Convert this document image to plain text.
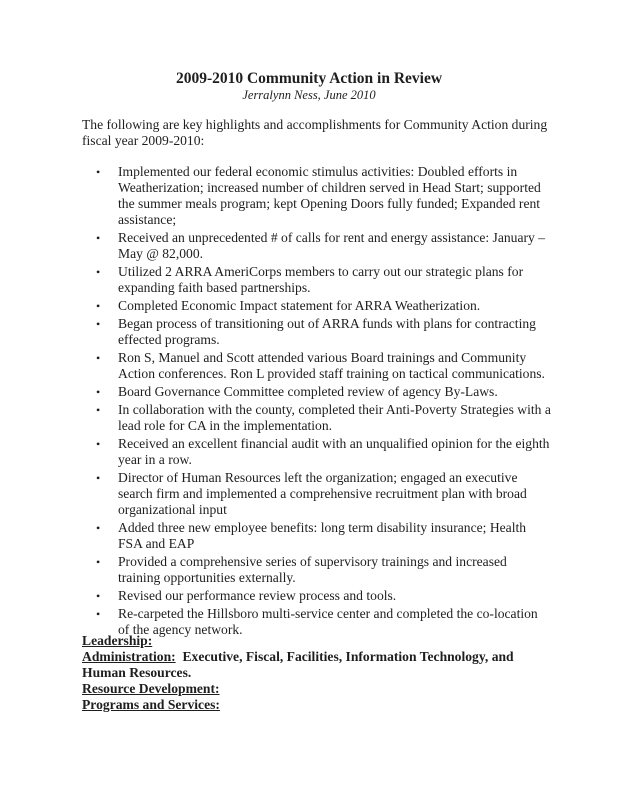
2009-2010 Community Action in Review

Jerralynn Ness, June 2010

The following are key highlights and accomplishments for Community Action during fiscal year 2009-2010:

• Implemented our federal economic stimulus activities: Doubled efforts in Weatherization; increased number of children served in Head Start; supported the summer meals program; kept Opening Doors fully funded; Expanded rent assistance;
• Received an unprecedented # of calls for rent and energy assistance: January – May @ 82,000.
• Utilized 2 ARRA AmeriCorps members to carry out our strategic plans for expanding faith based partnerships.
• Completed Economic Impact statement for ARRA Weatherization.
• Began process of transitioning out of ARRA funds with plans for contracting effected programs.
• Ron S, Manuel and Scott attended various Board trainings and Community Action conferences. Ron L provided staff training on tactical communications.
• Board Governance Committee completed review of agency By-Laws.
• In collaboration with the county, completed their Anti-Poverty Strategies with a lead role for CA in the implementation.
• Received an excellent financial audit with an unqualified opinion for the eighth year in a row.
• Director of Human Resources left the organization; engaged an executive search firm and implemented a comprehensive recruitment plan with broad organizational input
• Added three new employee benefits: long term disability insurance; Health FSA and EAP
• Provided a comprehensive series of supervisory trainings and increased training opportunities externally.
• Revised our performance review process and tools.
• Re-carpeted the Hillsboro multi-service center and completed the co-location of the agency network.
Leadership:
Administration: Executive, Fiscal, Facilities, Information Technology, and Human Resources.
Resource Development:
Programs and Services:
